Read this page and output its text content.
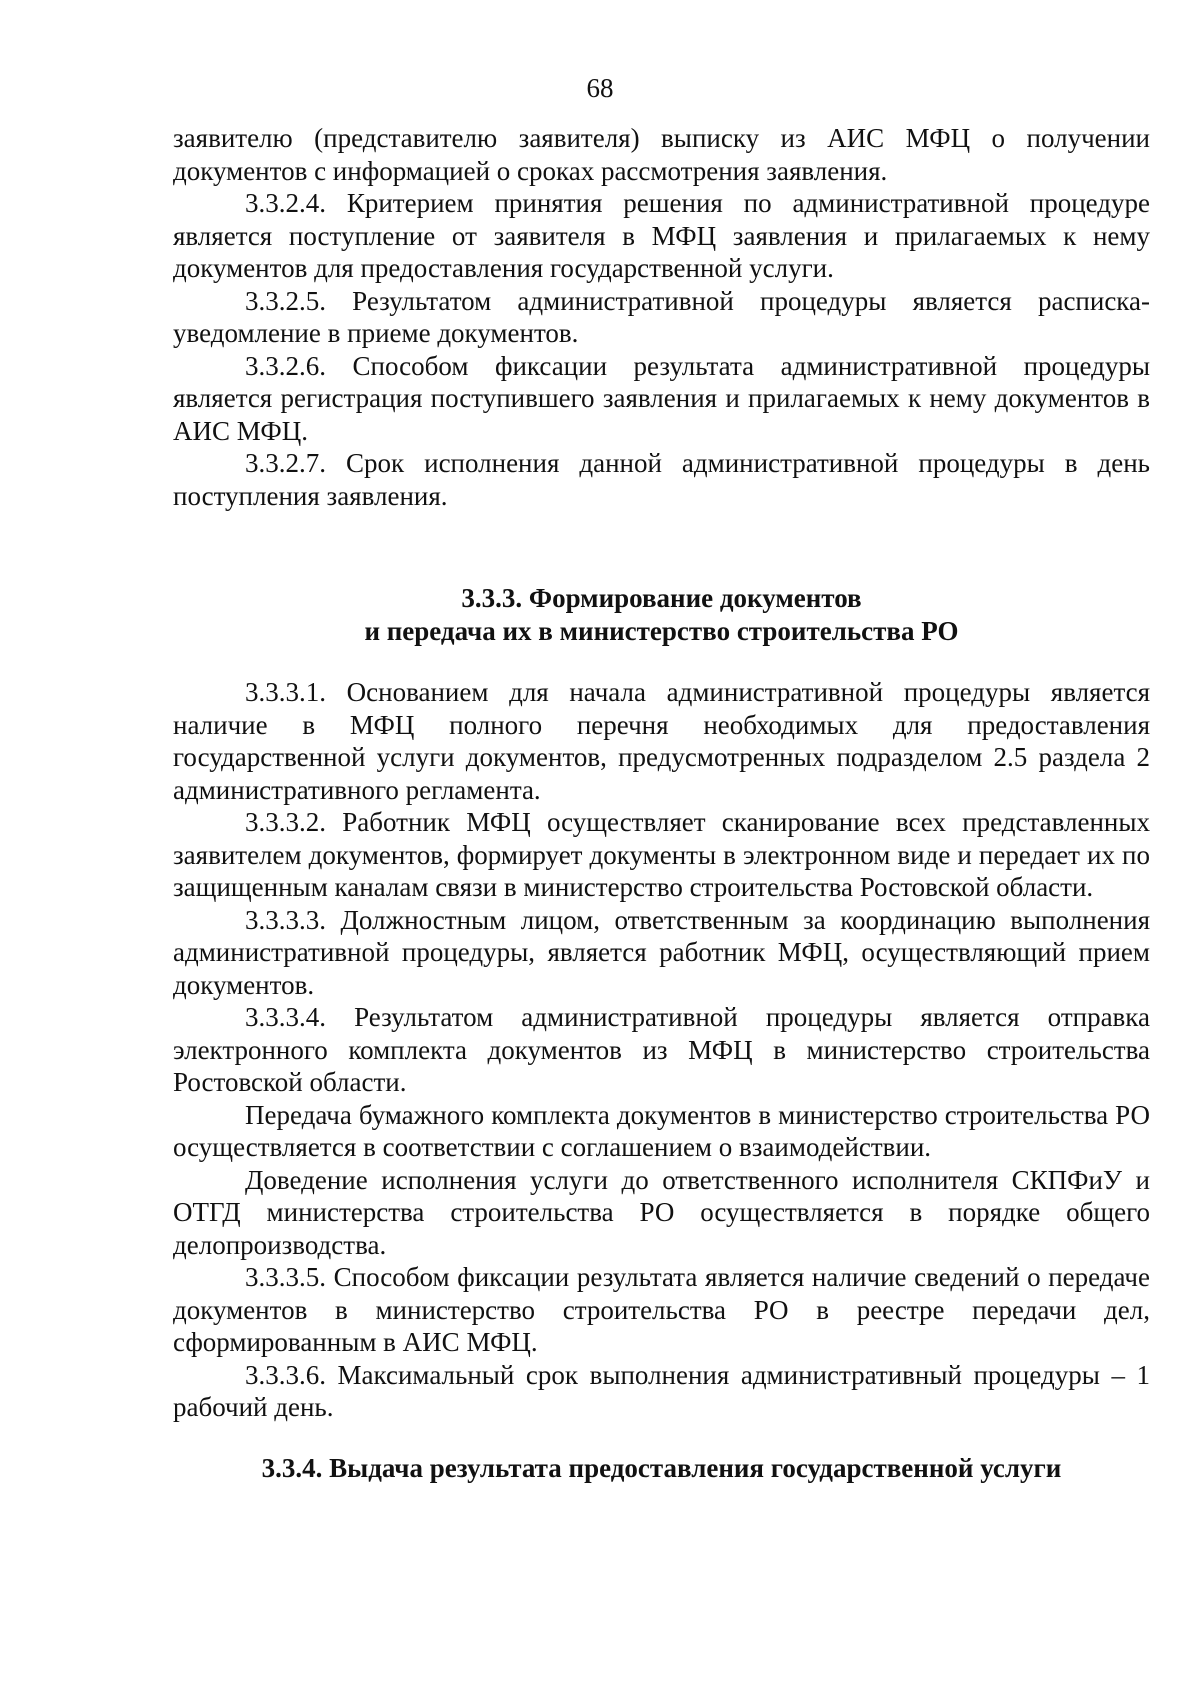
68

заявителю (представителю заявителя) выписку из АИС МФЦ о получении документов с информацией о сроках рассмотрения заявления.

3.3.2.4. Критерием принятия решения по административной процедуре является поступление от заявителя в МФЦ заявления и прилагаемых к нему документов для предоставления государственной услуги.

3.3.2.5. Результатом административной процедуры является расписка-уведомление в приеме документов.

3.3.2.6. Способом фиксации результата административной процедуры является регистрация поступившего заявления и прилагаемых к нему документов в АИС МФЦ.

3.3.2.7. Срок исполнения данной административной процедуры в день поступления заявления.

3.3.3. Формирование документов

и передача их в министерство строительства РО

3.3.3.1. Основанием для начала административной процедуры является наличие в МФЦ полного перечня необходимых для предоставления государственной услуги документов, предусмотренных подразделом 2.5 раздела 2 административного регламента.

3.3.3.2. Работник МФЦ осуществляет сканирование всех представленных заявителем документов, формирует документы в электронном виде и передает их по защищенным каналам связи в министерство строительства Ростовской области.

3.3.3.3. Должностным лицом, ответственным за координацию выполнения административной процедуры, является работник МФЦ, осуществляющий прием документов.

3.3.3.4. Результатом административной процедуры является отправка электронного комплекта документов из МФЦ в министерство строительства Ростовской области.

Передача бумажного комплекта документов в министерство строительства РО осуществляется в соответствии с соглашением о взаимодействии.

Доведение исполнения услуги до ответственного исполнителя СКПФиУ и ОТГД министерства строительства РО осуществляется в порядке общего делопроизводства.

3.3.3.5. Способом фиксации результата является наличие сведений о передаче документов в министерство строительства РО в реестре передачи дел, сформированным в АИС МФЦ.

3.3.3.6. Максимальный срок выполнения административный процедуры – 1 рабочий день.

3.3.4. Выдача результата предоставления государственной услуги
